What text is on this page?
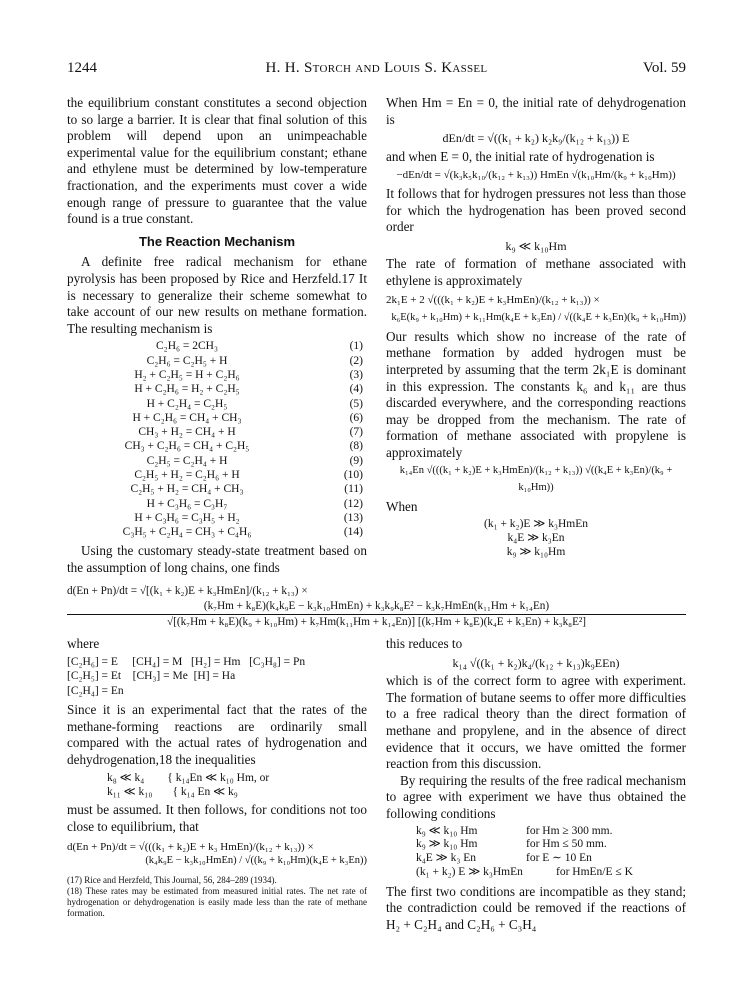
1244	H. H. Storch and Louis S. Kassel	Vol. 59

the equilibrium constant constitutes a second objection to so large a barrier. It is clear that final solution of this problem will depend upon an unimpeachable experimental value for the equilibrium constant; ethane and ethylene must be determined by low-temperature fractionation, and the experiments must cover a wide enough range of pressure to guarantee that the value found is a true constant.

The Reaction Mechanism

A definite free radical mechanism for ethane pyrolysis has been proposed by Rice and Herzfeld.17 It is necessary to generalize their scheme somewhat to take account of our new results on methane formation. The resulting mechanism is

C₂H₆ = 2CH₃	(1)
C₂H₆ = C₂H₅ + H	(2)
H₂ + C₂H₅ = H + C₂H₆	(3)
H + C₂H₆ = H₂ + C₂H₅	(4)
H + C₂H₄ = C₂H₅	(5)
H + C₂H₆ = CH₄ + CH₃	(6)
CH₃ + H₂ = CH₄ + H	(7)
CH₃ + C₂H₆ = CH₄ + C₂H₅	(8)
C₂H₅ = C₂H₄ + H	(9)
C₂H₅ + H₂ = C₂H₆ + H	(10)
C₂H₅ + H₂ = CH₄ + CH₃	(11)
H + C₃H₆ = C₃H₇	(12)
H + C₃H₆ = C₃H₅ + H₂	(13)
C₃H₅ + C₂H₄ = CH₃ + C₄H₆	(14)

Using the customary steady-state treatment based on the assumption of long chains, one finds

When Hm = En = 0, the initial rate of dehydrogenation is

dEn/dt = √((k₁ + k₂) k₂k₉/(k₁₂ + k₁₃)) E

and when E = 0, the initial rate of hydrogenation is

−dEn/dt = √(k₃k₅k₁₀/(k₁₂ + k₁₃)) HmEn √(k₁₀Hm/(k₉ + k₁₀Hm))

It follows that for hydrogen pressures not less than those for which the hydrogenation has been proved second order

k₉ ≪ k₁₀Hm

The rate of formation of methane associated with ethylene is approximately

2k₁E + 2 √(((k₁ + k₂)E + k₃HmEn)/(k₁₂ + k₁₃)) ×
k₆E(k₉ + k₁₀Hm) + k₁₁Hm(k₄E + k₃En) / √((k₄E + k₃En)(k₉ + k₁₀Hm))

Our results which show no increase of the rate of methane formation by added hydrogen must be interpreted by assuming that the term 2k₁E is dominant in this expression. The constants k₆ and k₁₁ are thus discarded everywhere, and the corresponding reactions may be dropped from the mechanism. The rate of formation of methane associated with propylene is approximately

k₁₄En √(((k₁ + k₂)E + k₃HmEn)/(k₁₂ + k₁₃)) √((k₄E + k₃En)/(k₉ + k₁₀Hm))

When

(k₁ + k₂)E ≫ k₃HmEn
k₄E ≫ k₃En
k₉ ≫ k₁₀Hm
d(En + Pn)/dt = √[(k₁ + k₂)E + k₃HmEn]/(k₁₂ + k₁₃) ×
(k₇Hm + k₈E)(k₄k₉E − k₃k₁₀HmEn) + k₃k₉k₈E² − k₃k₇HmEn(k₁₁Hm + k₁₄En)
√[(k₇Hm + k₈E)(k₉ + k₁₀Hm) + k₇Hm(k₁₁Hm + k₁₄En)] [(k₇Hm + k₈E)(k₄E + k₃En) + k₃k₈E²]

where

[C₂H₆] = E     [CH₄] = M   [H₂] = Hm   [C₃H₈] = Pn
[C₂H₅] = Et    [CH₃] = Me  [H] = Ha
[C₂H₄] = En

Since it is an experimental fact that the rates of the methane-forming reactions are ordinarily small compared with the actual rates of hydrogenation and dehydrogenation,18 the inequalities

k₈ ≪ k₄        { k₁₄En ≪ k₁₀ Hm, or
k₁₁ ≪ k₁₀       { k₁₄ En ≪ k₉

must be assumed. It then follows, for conditions not too close to equilibrium, that

d(En + Pn)/dt = √(((k₁ + k₂)E + k₃ HmEn)/(k₁₂ + k₁₃)) ×
(k₄k₉E − k₃k₁₀HmEn) / √((k₉ + k₁₀Hm)(k₄E + k₃En))

(17) Rice and Herzfeld, This Journal, 56, 284–289 (1934).

(18) These rates may be estimated from measured initial rates. The net rate of hydrogenation or dehydrogenation is easily made less than the rate of methane formation.

this reduces to

k₁₄ √((k₁ + k₂)k₄/(k₁₂ + k₁₃)k₉EEn)

which is of the correct form to agree with experiment. The formation of butane seems to offer more difficulties to a free radical theory than the direct formation of methane and propylene, and in the absence of direct evidence that it occurs, we have omitted the former reaction from this discussion.

By requiring the results of the free radical mechanism to agree with experiment we have thus obtained the following conditions

k₉ ≪ k₁₀ Hm	for Hm ≥ 300 mm.
k₉ ≫ k₁₀ Hm	for Hm ≤ 50 mm.
k₄E ≫ k₃ En	for E ∼ 10 En
(k₁ + k₂) E ≫ k₃HmEn	for HmEn/E ≤ K

The first two conditions are incompatible as they stand; the contradiction could be removed if the reactions of H₂ + C₂H₄ and C₂H₆ + C₃H₄
